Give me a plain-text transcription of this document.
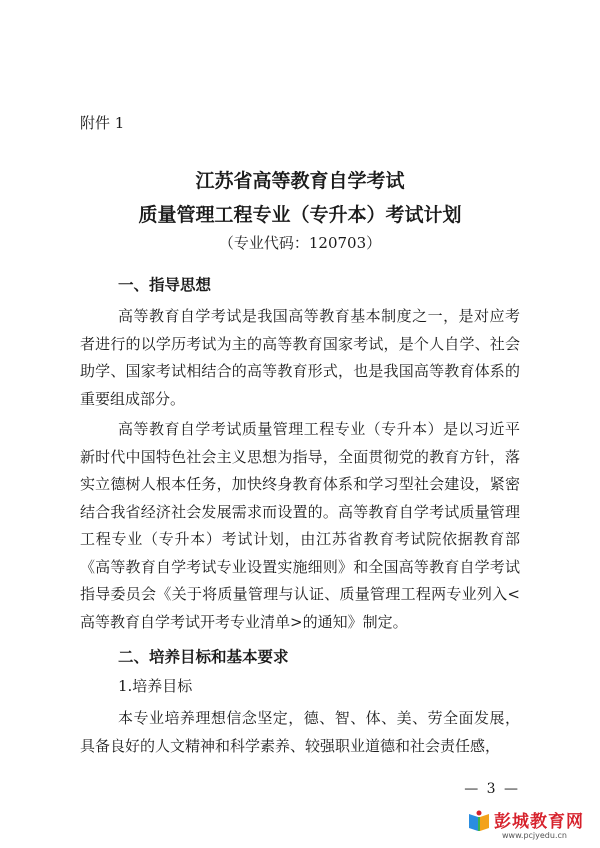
附件 1
江苏省高等教育自学考试
质量管理工程专业（专升本）考试计划
（专业代码：120703）
一、指导思想

高等教育自学考试是我国高等教育基本制度之一，是对应考者进行的以学历考试为主的高等教育国家考试，是个人自学、社会助学、国家考试相结合的高等教育形式，也是我国高等教育体系的重要组成部分。

高等教育自学考试质量管理工程专业（专升本）是以习近平新时代中国特色社会主义思想为指导，全面贯彻党的教育方针，落实立德树人根本任务，加快终身教育体系和学习型社会建设，紧密结合我省经济社会发展需求而设置的。高等教育自学考试质量管理工程专业（专升本）考试计划，由江苏省教育考试院依据教育部《高等教育自学考试专业设置实施细则》和全国高等教育自学考试指导委员会《关于将质量管理与认证、质量管理工程两专业列入<高等教育自学考试开考专业清单>的通知》制定。

二、培养目标和基本要求
1.培养目标

本专业培养理想信念坚定，德、智、体、美、劳全面发展，具备良好的人文精神和科学素养、较强职业道德和社会责任感，

— 3 —
彭城教育网
www.pcjyedu.cn
